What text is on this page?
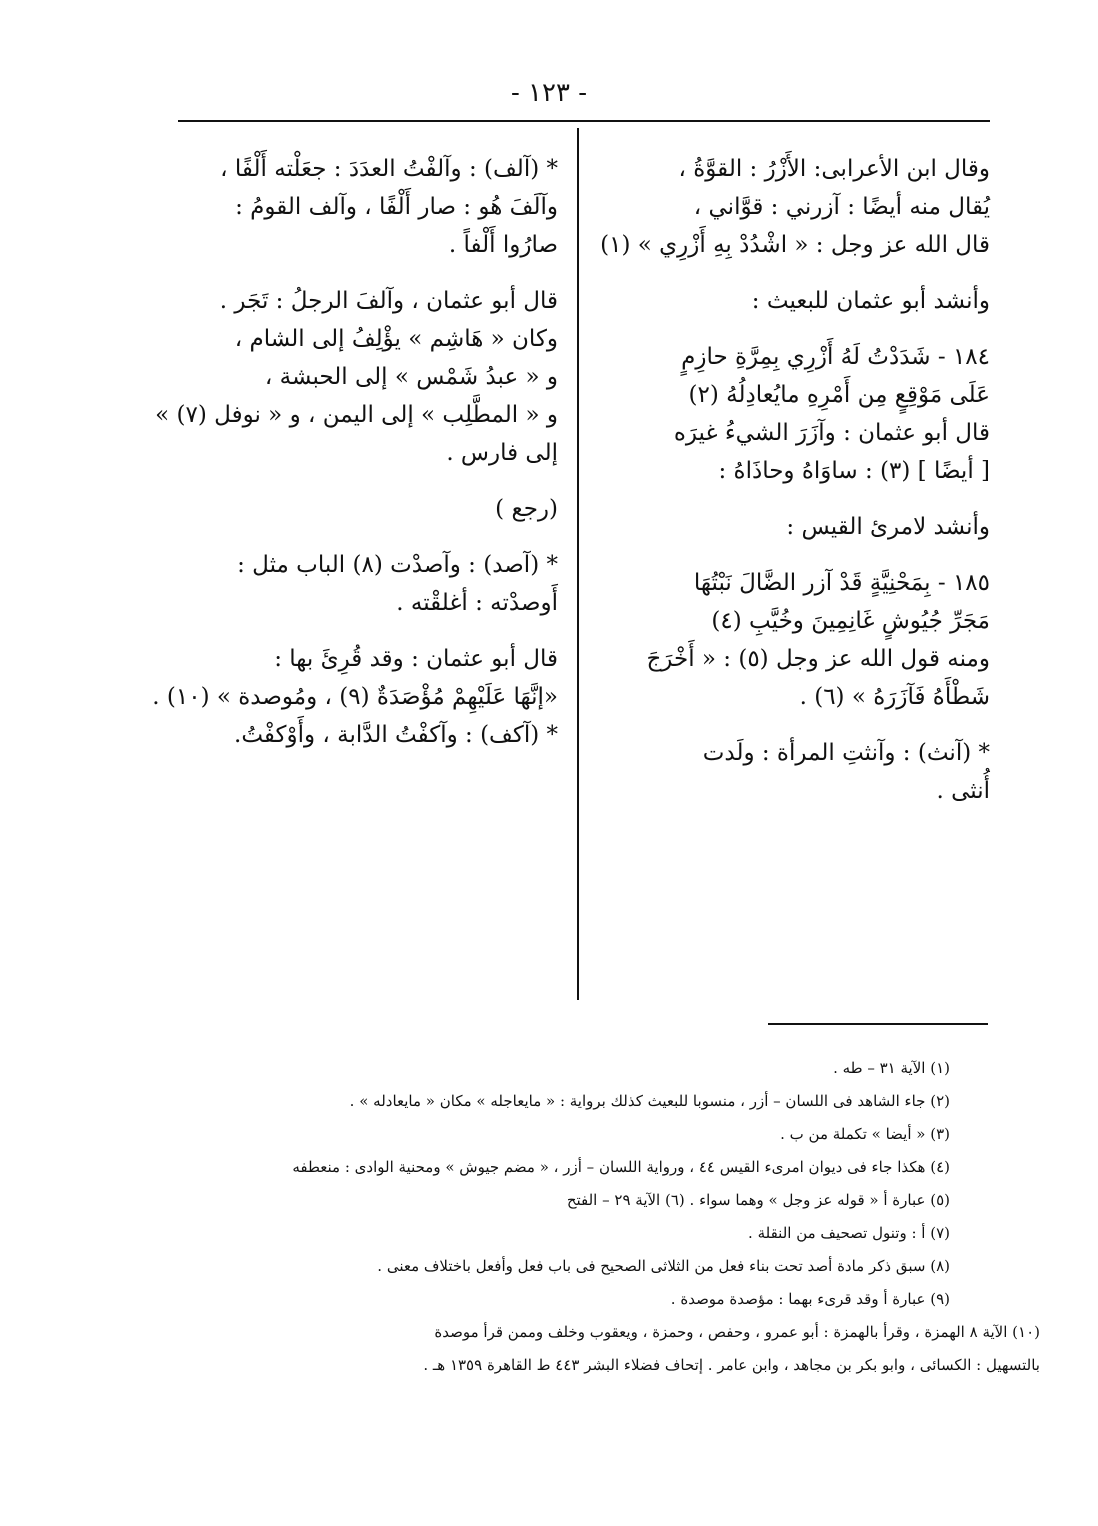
- ١٢٣ -
وقال ابن الأعرابى: الأَزْرُ : القوَّةُ ،
يُقال منه أيضًا : آزرني : قوَّاني ،
قال الله عز وجل : « اشْدُدْ بِهِ أَزْرِي » (١)
وأنشد أبو عثمان للبعيث :
١٨٤ - شَدَدْتُ لَهُ أَزْرِي بِمِرَّةِ حازِمٍ
عَلَى مَوْقِعٍ مِن أَمْرِهِ مايُعادِلُهُ (٢)
قال أبو عثمان : وآزَرَ الشيءُ غيرَه
[ أيضًا ] (٣) : ساوَاهُ وحاذَاهُ :
وأنشد لامرئ القيس :
١٨٥ - بِمَحْنِيَّةٍ قَدْ آزر الضَّالَ نَبْتُهَا
مَجَرِّ جُيُوشٍ غَانِمِينَ وخُيَّبِ (٤)
ومنه قول الله عز وجل (٥) : « أَخْرَجَ
شَطْأَهُ فَآزَرَهُ » (٦) .
* (آنث) : وآنثتِ المرأة : ولَدت
أُنثى .
* (آلف) : وآلفْتُ العدَدَ : جعَلْته أَلْفًا ،
وآلَفَ هُو : صار أَلْفًا ، وآلف القومُ :
صارُوا أَلْفاً .
قال أبو عثمان ، وآلفَ الرجلُ : تَجَر .
وكان « هَاشِم » يؤْلِفُ إلى الشام ،
و « عبدُ شَمْس » إلى الحبشة ،
و « المطَّلِب » إلى اليمن ، و « نوفل (٧) »
إلى فارس .
(رجع )
* (آصد) : وآصدْت (٨) الباب مثل :
أَوصدْته : أغلقْته .
قال أبو عثمان : وقد قُرِئَ بها :
«إنَّهَا عَلَيْهِمْ مُؤْصَدَةٌ (٩) ، ومُوصدة » (١٠) .
* (آكف) : وآكفْتُ الدَّابة ، وأَوْكفْتُ.
(١) الآية ٣١ – طه .
(٢) جاء الشاهد فى اللسان – أزر ، منسوبا للبعيث كذلك برواية : « مايعاجله » مكان « مايعادله » .
(٣) « أيضا » تكملة من ب .
(٤) هكذا جاء فى ديوان امرىء القيس ٤٤ ، ورواية اللسان – أزر ، « مضم جيوش » ومحنية الوادى : منعطفه
(٥) عبارة أ « قوله عز وجل » وهما سواء . (٦) الآية ٢٩ – الفتح
(٧) أ : وتنول تصحيف من النقلة .
(٨) سبق ذكر مادة أصد تحت بناء فعل من الثلاثى الصحيح فى باب فعل وأفعل باختلاف معنى .
(٩) عبارة أ وقد قرىء بهما : مؤصدة موصدة .
(١٠) الآية ٨ الهمزة ، وقرأ بالهمزة : أبو عمرو ، وحفص ، وحمزة ، ويعقوب وخلف وممن قرأ موصدة
بالتسهيل : الكسائى ، وابو بكر بن مجاهد ، وابن عامر . إتحاف فضلاء البشر ٤٤٣ ط القاهرة ١٣٥٩ هـ .
